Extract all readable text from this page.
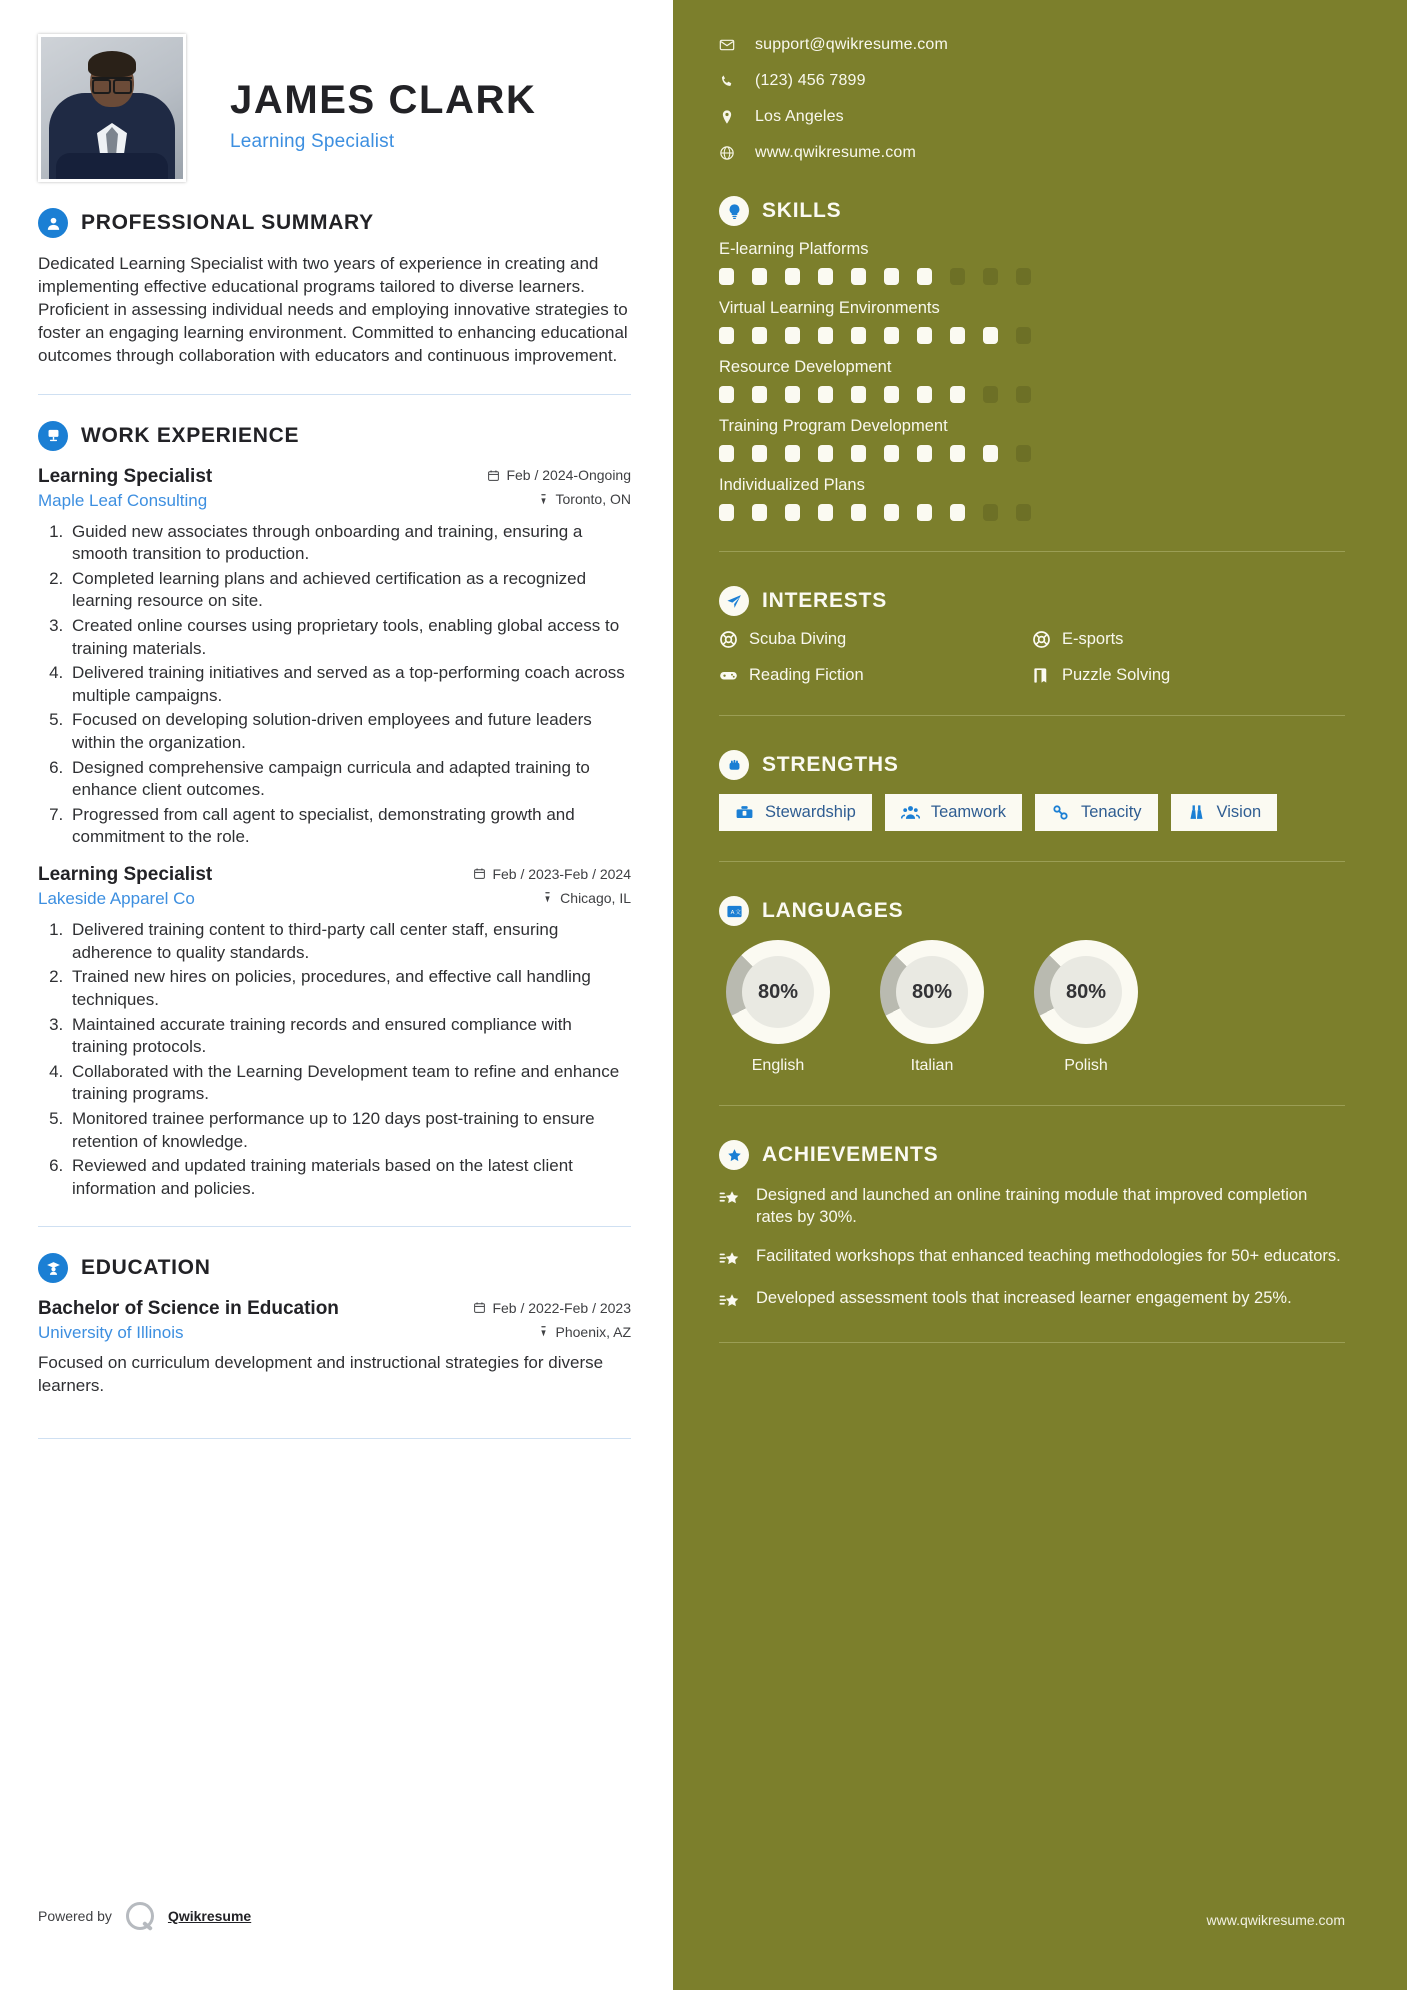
JAMES CLARK
Learning Specialist
PROFESSIONAL SUMMARY

Dedicated Learning Specialist with two years of experience in creating and implementing effective educational programs tailored to diverse learners. Proficient in assessing individual needs and employing innovative strategies to foster an engaging learning environment. Committed to enhancing educational outcomes through collaboration with educators and continuous improvement.

WORK EXPERIENCE
Learning Specialist	Feb / 2024-Ongoing
Maple Leaf Consulting	Toronto, ON
1. Guided new associates through onboarding and training, ensuring a smooth transition to production.
2. Completed learning plans and achieved certification as a recognized learning resource on site.
3. Created online courses using proprietary tools, enabling global access to training materials.
4. Delivered training initiatives and served as a top-performing coach across multiple campaigns.
5. Focused on developing solution-driven employees and future leaders within the organization.
6. Designed comprehensive campaign curricula and adapted training to enhance client outcomes.
7. Progressed from call agent to specialist, demonstrating growth and commitment to the role.
Learning Specialist	Feb / 2023-Feb / 2024
Lakeside Apparel Co	Chicago, IL
1. Delivered training content to third-party call center staff, ensuring adherence to quality standards.
2. Trained new hires on policies, procedures, and effective call handling techniques.
3. Maintained accurate training records and ensured compliance with training protocols.
4. Collaborated with the Learning Development team to refine and enhance training programs.
5. Monitored trainee performance up to 120 days post-training to ensure retention of knowledge.
6. Reviewed and updated training materials based on the latest client information and policies.
EDUCATION
Bachelor of Science in Education	Feb / 2022-Feb / 2023
University of Illinois	Phoenix, AZ
Focused on curriculum development and instructional strategies for diverse learners.
Powered by	Qwikresume
support@qwikresume.com
(123) 456 7899
Los Angeles
www.qwikresume.com
SKILLS
E-learning Platforms
Virtual Learning Environments
Resource Development
Training Program Development
Individualized Plans
INTERESTS
Scuba Diving	E-sports
Reading Fiction	Puzzle Solving
STRENGTHS
Stewardship	Teamwork	Tenacity	Vision
A 文 LANGUAGES
80%
English
80%
Italian
80%
Polish
ACHIEVEMENTS
Designed and launched an online training module that improved completion rates by 30%.
Facilitated workshops that enhanced teaching methodologies for 50+ educators.
Developed assessment tools that increased learner engagement by 25%.
www.qwikresume.com
